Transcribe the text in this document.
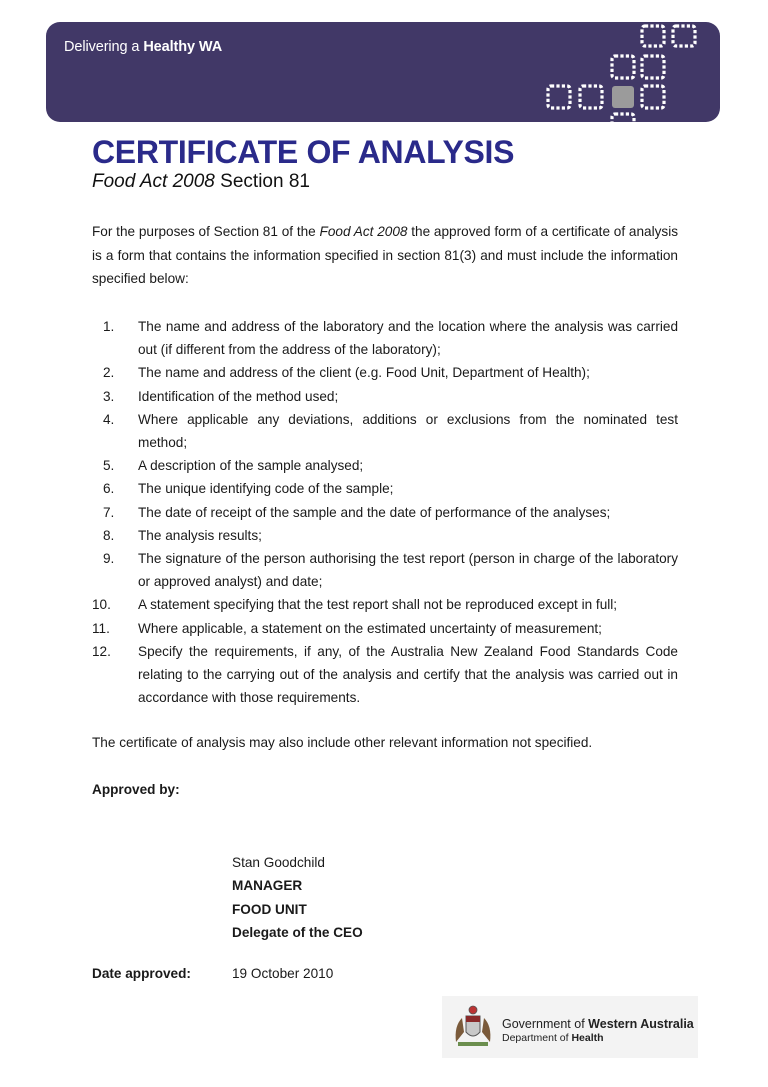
Delivering a Healthy WA
CERTIFICATE OF ANALYSIS

Food Act 2008 Section 81

For the purposes of Section 81 of the Food Act 2008 the approved form of a certificate of analysis is a form that contains the information specified in section 81(3) and must include the information specified below:

1. The name and address of the laboratory and the location where the analysis was carried out (if different from the address of the laboratory);
2. The name and address of the client (e.g. Food Unit, Department of Health);
3. Identification of the method used;
4. Where applicable any deviations, additions or exclusions from the nominated test method;
5. A description of the sample analysed;
6. The unique identifying code of the sample;
7. The date of receipt of the sample and the date of performance of the analyses;
8. The analysis results;
9. The signature of the person authorising the test report (person in charge of the laboratory or approved analyst) and date;
10. A statement specifying that the test report shall not be reproduced except in full;
11. Where applicable, a statement on the estimated uncertainty of measurement;
12. Specify the requirements, if any, of the Australia New Zealand Food Standards Code relating to the carrying out of the analysis and certify that the analysis was carried out in accordance with those requirements.

The certificate of analysis may also include other relevant information not specified.

Approved by:

Stan Goodchild
MANAGER
FOOD UNIT
Delegate of the CEO

Date approved:	19 October 2010

Government of Western Australia
Department of Health
